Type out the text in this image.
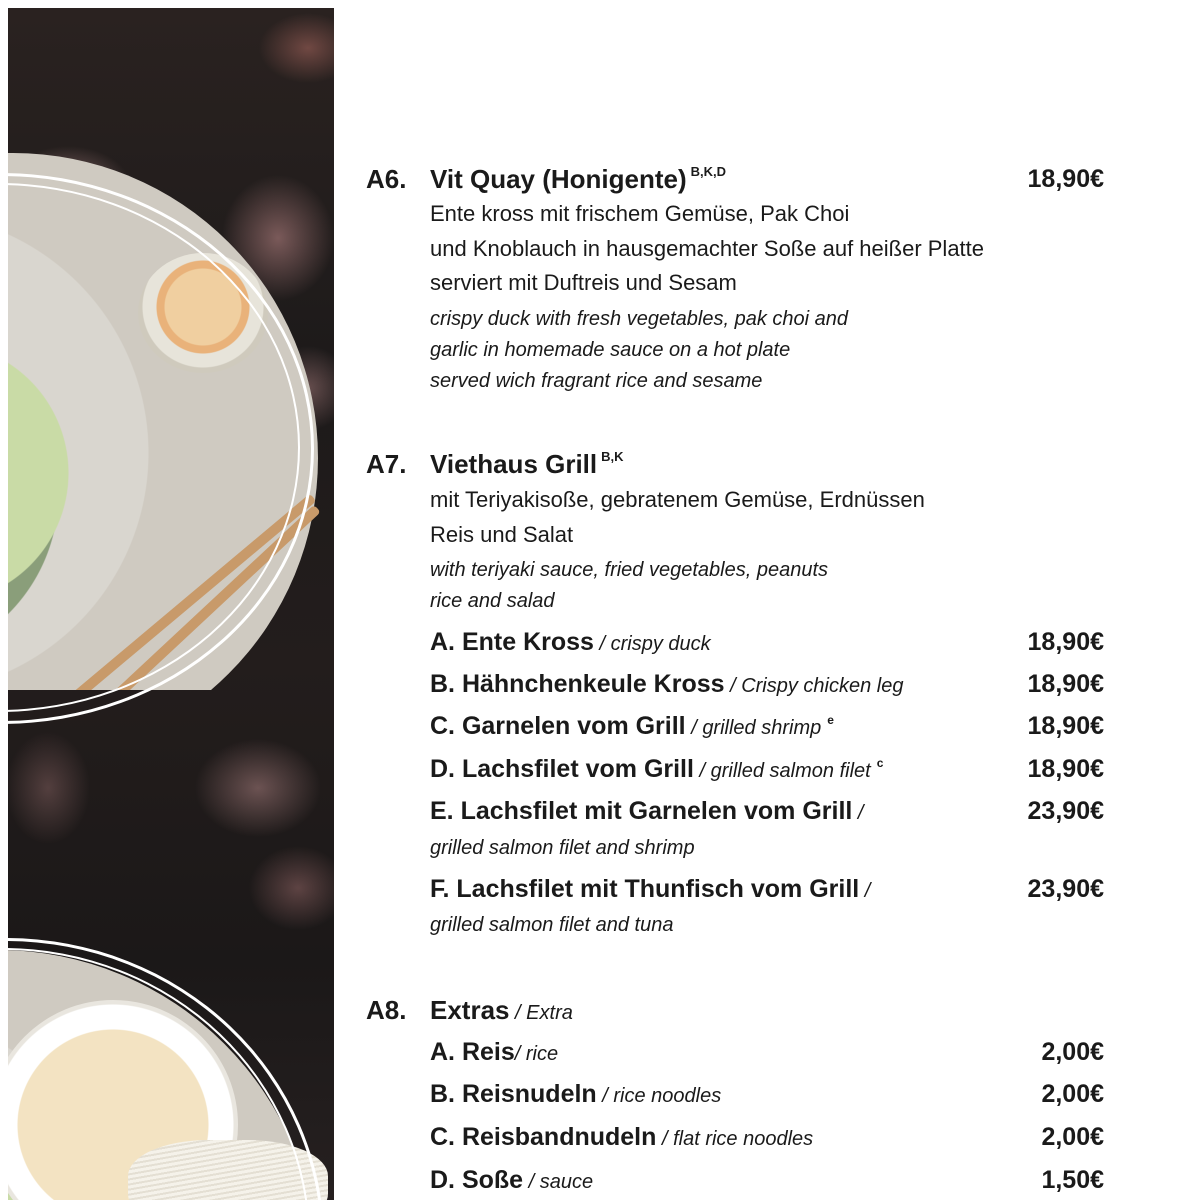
A6. Vit Quay (Honigente) $^{B,K,D}$	18,90€
Ente kross mit frischem Gemüse, Pak Choi
und Knoblauch in hausgemachter Soße auf heißer Platte
serviert mit Duftreis und Sesam
crispy duck with fresh vegetables, pak choi and
garlic in homemade sauce on a hot plate
served wich fragrant rice and sesame
A7. Viethaus Grill $^{B,K}$
mit Teriyakisoße, gebratenem Gemüse, Erdnüssen
Reis und Salat
with teriyaki sauce, fried vegetables, peanuts
rice and salad
A. Ente Kross / crispy duck	18,90€
B. Hähnchenkeule Kross / Crispy chicken leg	18,90€
C. Garnelen vom Grill / grilled shrimp $^e$	18,90€
D. Lachsfilet vom Grill / grilled salmon filet $^c$	18,90€
E. Lachsfilet mit Garnelen vom Grill /	23,90€
grilled salmon filet and shrimp
F. Lachsfilet mit Thunfisch vom Grill /	23,90€
grilled salmon filet and tuna
A8. Extras / Extra
A. Reis/ rice	2,00€
B. Reisnudeln / rice noodles	2,00€
C. Reisbandnudeln / flat rice noodles	2,00€
D. Soße / sauce	1,50€
